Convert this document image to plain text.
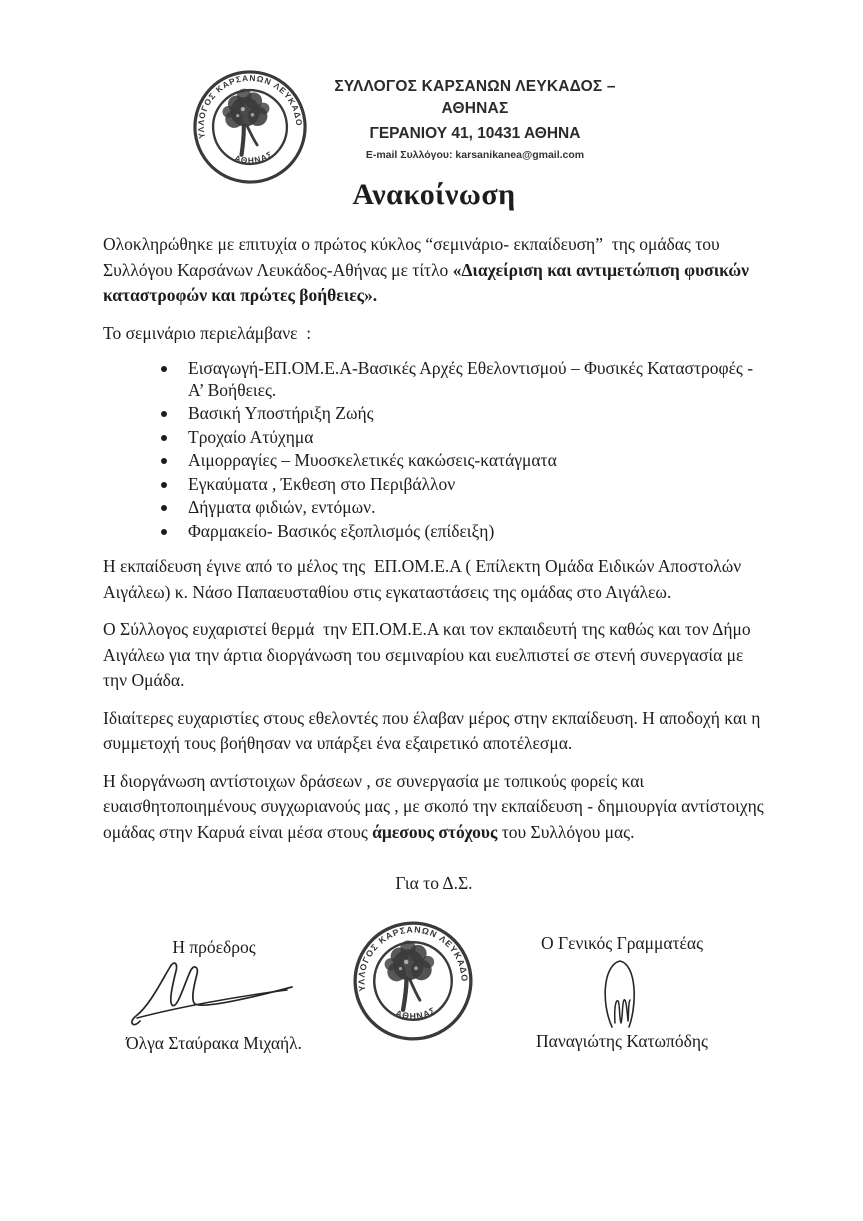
ΣΥΛΛΟΓΟΣ ΚΑΡΣΑΝΩΝ ΛΕΥΚΑΔΟΣ – ΑΘΗΝΑΣ
ΓΕΡΑΝΙΟΥ 41, 10431 ΑΘΗΝΑ
E-mail Συλλόγου: karsanikanea@gmail.com
Ανακοίνωση

Ολοκληρώθηκε με επιτυχία ο πρώτος κύκλος “σεμινάριο- εκπαίδευση”  της ομάδας του Συλλόγου Καρσάνων Λευκάδος-Αθήνας με τίτλο «Διαχείριση και αντιμετώπιση φυσικών καταστροφών και πρώτες βοήθειες».

Το σεμινάριο περιελάμβανε  :

Εισαγωγή-ΕΠ.ΟΜ.Ε.Α-Βασικές Αρχές Εθελοντισμού – Φυσικές Καταστροφές - Α’ Βοήθειες.
Βασική Υποστήριξη Ζωής
Τροχαίο Ατύχημα
Αιμορραγίες – Μυοσκελετικές κακώσεις-κατάγματα
Εγκαύματα , Έκθεση στο Περιβάλλον
Δήγματα φιδιών, εντόμων.
Φαρμακείο- Βασικός εξοπλισμός (επίδειξη)

Η εκπαίδευση έγινε από το μέλος της  ΕΠ.ΟΜ.Ε.Α ( Επίλεκτη Ομάδα Ειδικών Αποστολών  Αιγάλεω) κ. Νάσο Παπαευσταθίου στις εγκαταστάσεις της ομάδας στο Αιγάλεω.

Ο Σύλλογος ευχαριστεί θερμά  την ΕΠ.ΟΜ.Ε.Α και τον εκπαιδευτή της καθώς και τον Δήμο Αιγάλεω για την άρτια διοργάνωση του σεμιναρίου και ευελπιστεί σε στενή συνεργασία με την Ομάδα.

Ιδιαίτερες ευχαριστίες στους εθελοντές που έλαβαν μέρος στην εκπαίδευση. Η αποδοχή και η συμμετοχή τους βοήθησαν να υπάρξει ένα εξαιρετικό αποτέλεσμα.

Η διοργάνωση αντίστοιχων δράσεων , σε συνεργασία με τοπικούς φορείς και ευαισθητοποιημένους συγχωριανούς μας , με σκοπό την εκπαίδευση - δημιουργία αντίστοιχης ομάδας στην Καρυά είναι μέσα στους άμεσους στόχους του Συλλόγου μας.

Για το Δ.Σ.

Η πρόεδρος
Όλγα Σταύρακα Μιχαήλ.
Ο Γενικός Γραμματέας
Παναγιώτης Κατωπόδης
